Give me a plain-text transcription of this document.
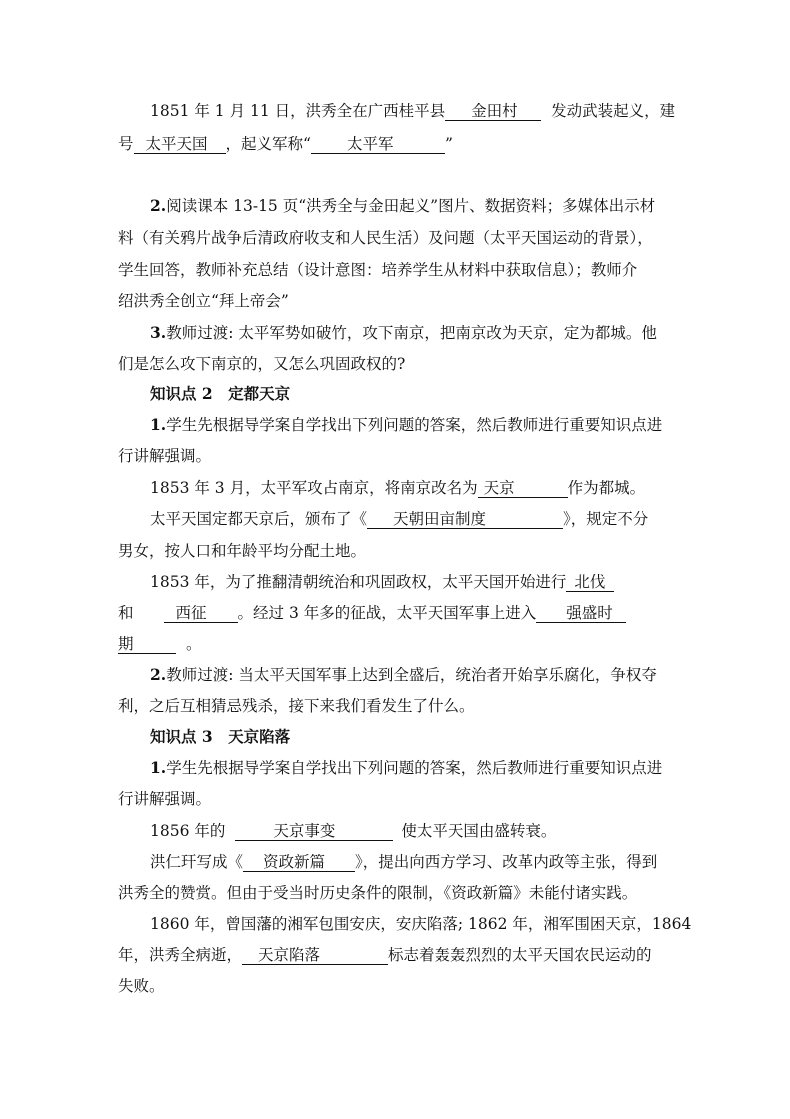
1851 年 1 月 11 日，洪秀全在广西桂平县 金田村 发动武装起义，建
号 太平天国 ，起义军称“ 太平军	”
2.阅读课本 13-15 页“洪秀全与金田起义”图片、数据资料；多媒体出示材
料（有关鸦片战争后清政府收支和人民生活）及问题（太平天国运动的背景），
学生回答，教师补充总结（设计意图：培养学生从材料中获取信息）；教师介
绍洪秀全创立“拜上帝会”
3.教师过渡: 太平军势如破竹，攻下南京，把南京改为天京，定为都城。他
们是怎么攻下南京的，又怎么巩固政权的?
知识点 2　定都天京
1.学生先根据导学案自学找出下列问题的答案，然后教师进行重要知识点进
行讲解强调。
1853 年 3 月，太平军攻占南京，将南京改名为 天京	作为都城。
太平天国定都天京后，颁布了《 天朝田亩制度	》，规定不分
男女，按人口和年龄平均分配土地。
1853 年，为了推翻清朝统治和巩固政权，太平天国开始进行 北伐
和	西征 。经过 3 年多的征战，太平天国军事上进入 强盛时
期	。
2.教师过渡: 当太平天国军事上达到全盛后，统治者开始享乐腐化，争权夺
利，之后互相猜忌残杀，接下来我们看发生了什么。
知识点 3　天京陷落
1.学生先根据导学案自学找出下列问题的答案，然后教师进行重要知识点进
行讲解强调。
1856 年的	天京事变	使太平天国由盛转衰。
洪仁玕写成《 资政新篇 》，提出向西方学习、改革内政等主张，得到
洪秀全的赞赏。但由于受当时历史条件的限制，《资政新篇》未能付诸实践。
1860 年，曾国藩的湘军包围安庆，安庆陷落; 1862 年，湘军围困天京，1864
年，洪秀全病逝， 天京陷落	标志着轰轰烈烈的太平天国农民运动的
失败。
